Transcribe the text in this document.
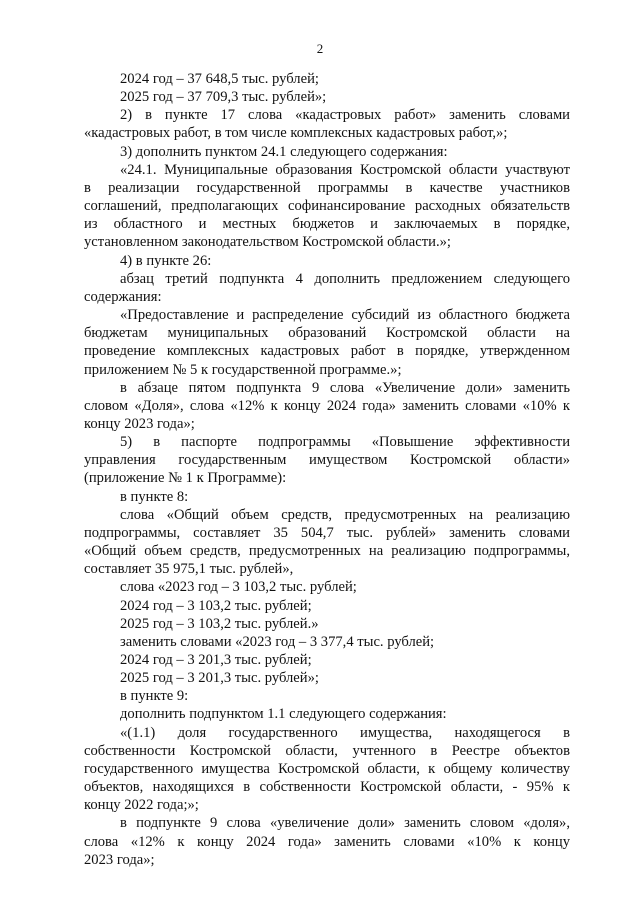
2
2024 год – 37 648,5 тыс. рублей;
2025 год – 37 709,3 тыс. рублей»;
2) в пункте 17 слова «кадастровых работ» заменить словами
«кадастровых работ, в том числе комплексных кадастровых работ,»;
3) дополнить пунктом 24.1 следующего содержания:
«24.1. Муниципальные образования Костромской области участвуют
в реализации государственной программы в качестве участников
соглашений, предполагающих софинансирование расходных обязательств
из областного и местных бюджетов и заключаемых в порядке,
установленном законодательством Костромской области.»;
4) в пункте 26:
абзац третий подпункта 4 дополнить предложением следующего
содержания:
«Предоставление и распределение субсидий из областного бюджета
бюджетам муниципальных образований Костромской области на
проведение комплексных кадастровых работ в порядке, утвержденном
приложением № 5 к государственной программе.»;
в абзаце пятом подпункта 9 слова «Увеличение доли» заменить
словом «Доля», слова «12% к концу 2024 года» заменить словами «10% к
концу 2023 года»;
5) в паспорте подпрограммы «Повышение эффективности
управления государственным имуществом Костромской области»
(приложение № 1 к Программе):
в пункте 8:
слова «Общий объем средств, предусмотренных на реализацию
подпрограммы, составляет 35 504,7 тыс. рублей» заменить словами
«Общий объем средств, предусмотренных на реализацию подпрограммы,
составляет 35 975,1 тыс. рублей»,
слова «2023 год – 3 103,2 тыс. рублей;
2024 год – 3 103,2 тыс. рублей;
2025 год – 3 103,2 тыс. рублей.»
заменить словами «2023 год – 3 377,4 тыс. рублей;
2024 год – 3 201,3 тыс. рублей;
2025 год – 3 201,3 тыс. рублей»;
в пункте 9:
дополнить подпунктом 1.1 следующего содержания:
«(1.1) доля государственного имущества, находящегося в
собственности Костромской области, учтенного в Реестре объектов
государственного имущества Костромской области, к общему количеству
объектов, находящихся в собственности Костромской области, - 95% к
концу 2022 года;»;
в подпункте 9 слова «увеличение доли» заменить словом «доля»,
слова «12% к концу 2024 года» заменить словами «10% к концу
2023 года»;
